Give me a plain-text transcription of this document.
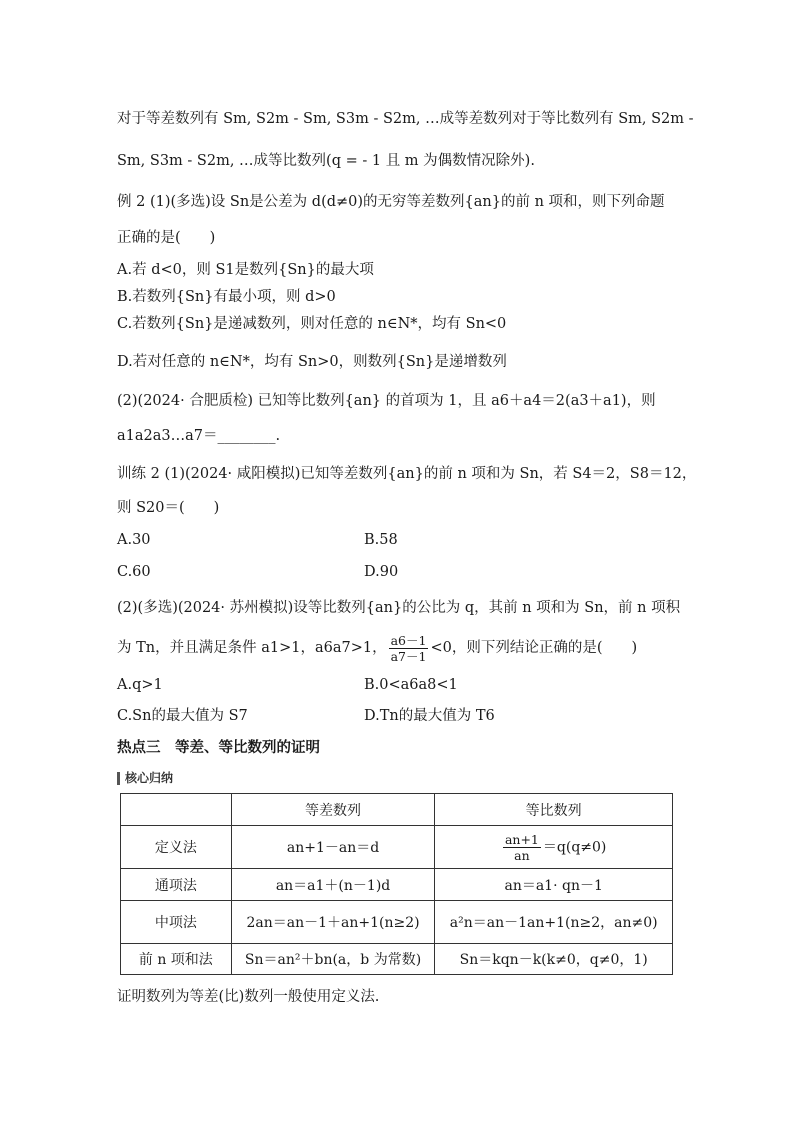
对于等差数列有 Sm, S2m - Sm, S3m - S2m, …成等差数列对于等比数列有 Sm, S2m -
Sm, S3m - S2m, …成等比数列(q = - 1 且 m 为偶数情况除外).
例 2 (1)(多选)设 Sn是公差为 d(d≠0)的无穷等差数列{an}的前 n 项和，则下列命题
正确的是(　　)
A.若 d<0，则 S1是数列{Sn}的最大项
B.若数列{Sn}有最小项，则 d>0
C.若数列{Sn}是递减数列，则对任意的 n∈N*，均有 Sn<0
D.若对任意的 n∈N*，均有 Sn>0，则数列{Sn}是递增数列
(2)(2024· 合肥质检) 已知等比数列{an} 的首项为 1，且 a6＋a4＝2(a3＋a1)，则
a1a2a3…a7＝________.
训练 2 (1)(2024· 咸阳模拟)已知等差数列{an}的前 n 项和为 Sn，若 S4＝2，S8＝12，
则 S20＝(　　)
A.30	B.58
C.60	D.90
(2)(多选)(2024· 苏州模拟)设等比数列{an}的公比为 q，其前 n 项和为 Sn，前 n 项积
为 Tn，并且满足条件 a1>1，a6a7>1， $\frac{a6-1}{a7-1} <0$，则下列结论正确的是(　　)
A.q>1	B.0<a6a8<1
C.Sn的最大值为 S7	D.Tn的最大值为 T6
热点三　等差、等比数列的证明
核心归纳
	等差数列	等比数列
定义法	an+1－an＝d	$\frac{an+1}{an} =q(q\ne 0)$
通项法	an＝a1＋(n－1)d	an＝a1· qn－1
中项法	2an＝an－1＋an+1(n≥2)	a²n＝an－1an+1(n≥2，an≠0)
前 n 项和法	Sn＝an²＋bn(a，b 为常数)	Sn＝kqn－k(k≠0，q≠0，1)
证明数列为等差(比)数列一般使用定义法.
